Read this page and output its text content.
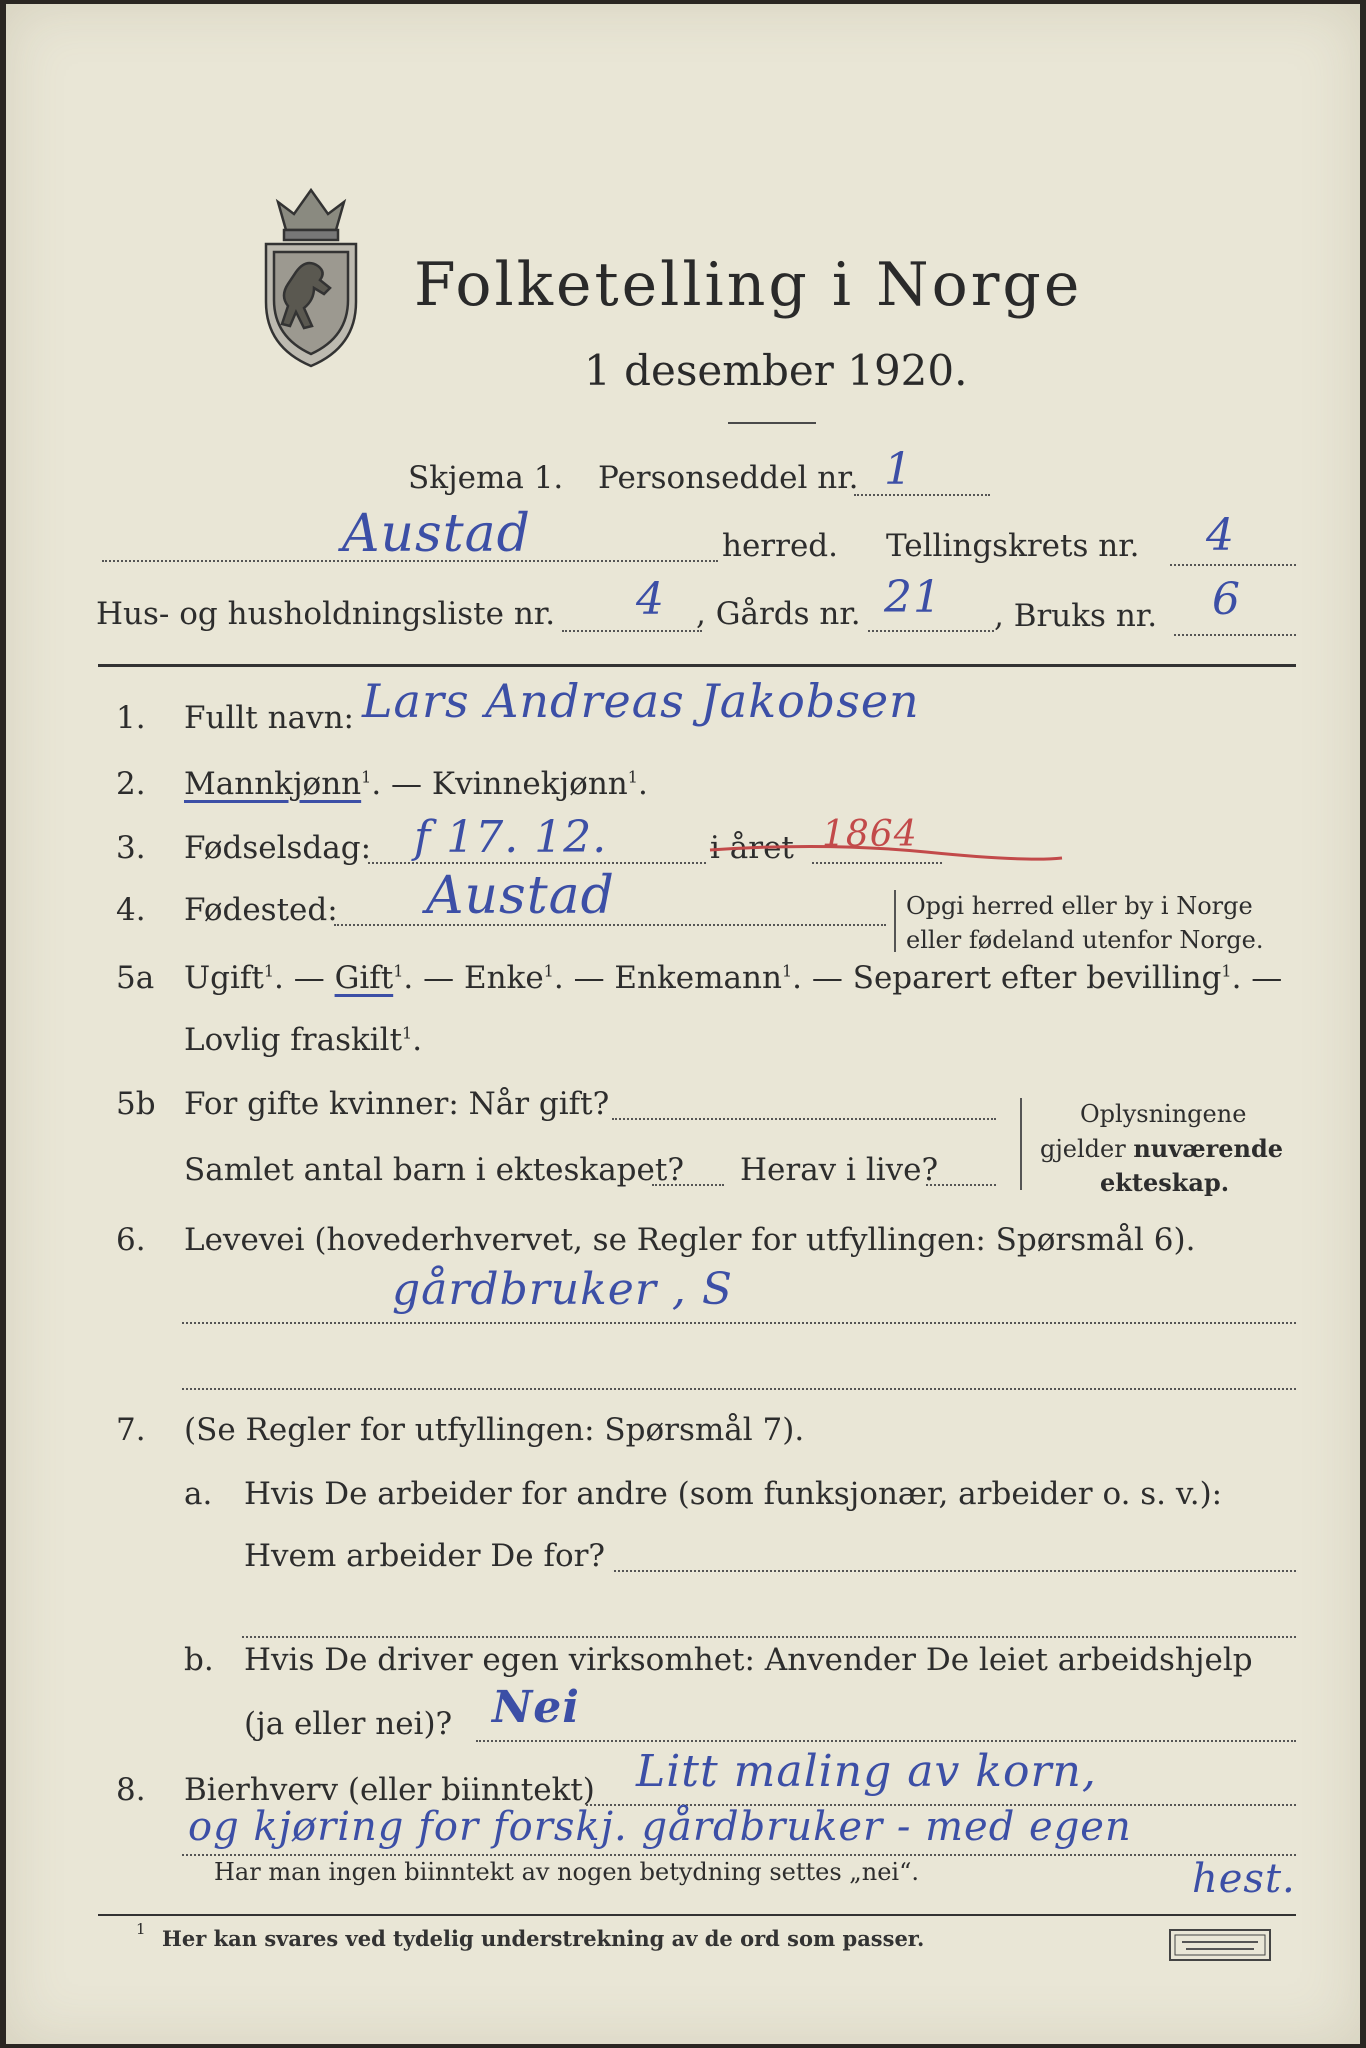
Folketelling i Norge
1 desember 1920.
Skjema 1. Personseddel nr. 1
Austad	herred. Tellingskrets nr. 4
Hus- og husholdningsliste nr. 4 , Gårds nr. 21 , Bruks nr. 6
1. Fullt navn: Lars Andreas Jakobsen
2. Mannkjønn$^1$. — Kvinnekjønn$^1$.
3. Fødselsdag: f 17. 12.	i året 1864
4. Fødested: Austad	Opgi herred eller by i Norge
eller fødeland utenfor Norge.
5a Ugift$^1$. — Gift$^1$. — Enke$^1$. — Enkemann$^1$. — Separert efter bevilling$^1$. —
Lovlig fraskilt$^1$.
5b For gifte kvinner: Når gift?
Samlet antal barn i ekteskapet? Herav i live?
Oplysningene
gjelder nuværende
ekteskap.
6. Levevei (hovederhvervet, se Regler for utfyllingen: Spørsmål 6).
gårdbruker , S
7. (Se Regler for utfyllingen: Spørsmål 7).
a. Hvis De arbeider for andre (som funksjonær, arbeider o. s. v.):
Hvem arbeider De for?
b. Hvis De driver egen virksomhet: Anvender De leiet arbeidshjelp
(ja eller nei)? Nei
8. Bierhverv (eller biinntekt) Litt maling av korn,
og kjøring for forskj. gårdbruker - med egen
Har man ingen biinntekt av nogen betydning settes „nei“.	hest.
1 Her kan svares ved tydelig understrekning av de ord som passer.
